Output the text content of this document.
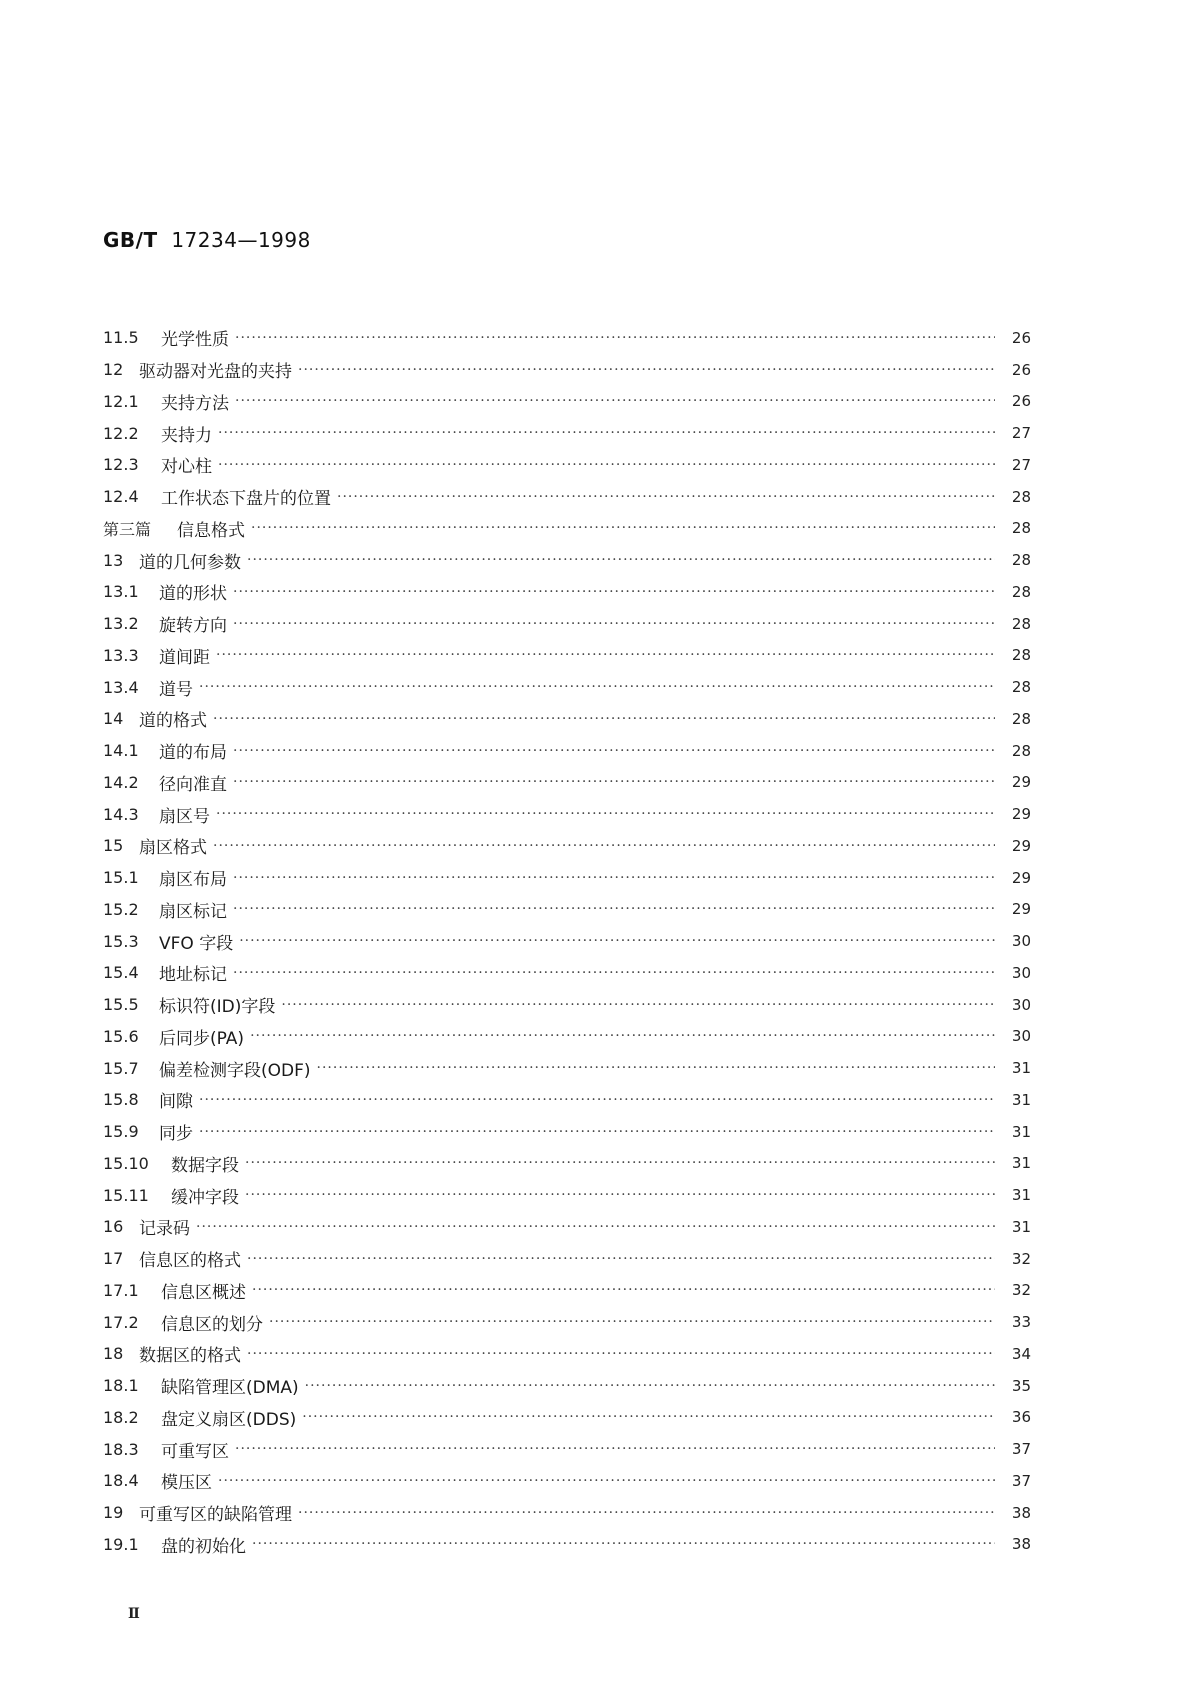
GB/T 17234—1998
11.5	光学性质 ·····	26
12 驱动器对光盘的夹持 ·····	26
12.1	夹持方法 ·····	26
12.2	夹持力 ·····	27
12.3	对心柱 ·····	27
12.4	工作状态下盘片的位置 ·····	28
第三篇	信息格式 ·····	28
13 道的几何参数 ·····	28
13.1	道的形状 ·····	28
13.2	旋转方向 ·····	28
13.3	道间距 ·····	28
13.4	道号 ·····	28
14 道的格式 ·····	28
14.1	道的布局 ·····	28
14.2	径向准直 ·····	29
14.3	扇区号 ·····	29
15 扇区格式 ·····	29
15.1	扇区布局 ·····	29
15.2	扇区标记 ·····	29
15.3	VFO 字段 ·····	30
15.4	地址标记 ·····	30
15.5	标识符(ID)字段 ·····	30
15.6	后同步(PA) ·····	30
15.7	偏差检测字段(ODF) ·····	31
15.8	间隙 ·····	31
15.9	同步 ·····	31
15.10	数据字段 ·····	31
15.11	缓冲字段 ·····	31
16 记录码 ·····	31
17 信息区的格式 ·····	32
17.1	信息区概述 ·····	32
17.2	信息区的划分 ·····	33
18 数据区的格式 ·····	34
18.1	缺陷管理区(DMA) ·····	35
18.2	盘定义扇区(DDS) ·····	36
18.3	可重写区 ·····	37
18.4	模压区 ·····	37
19 可重写区的缺陷管理 ·····	38
19.1	盘的初始化 ·····	38
Ⅱ
